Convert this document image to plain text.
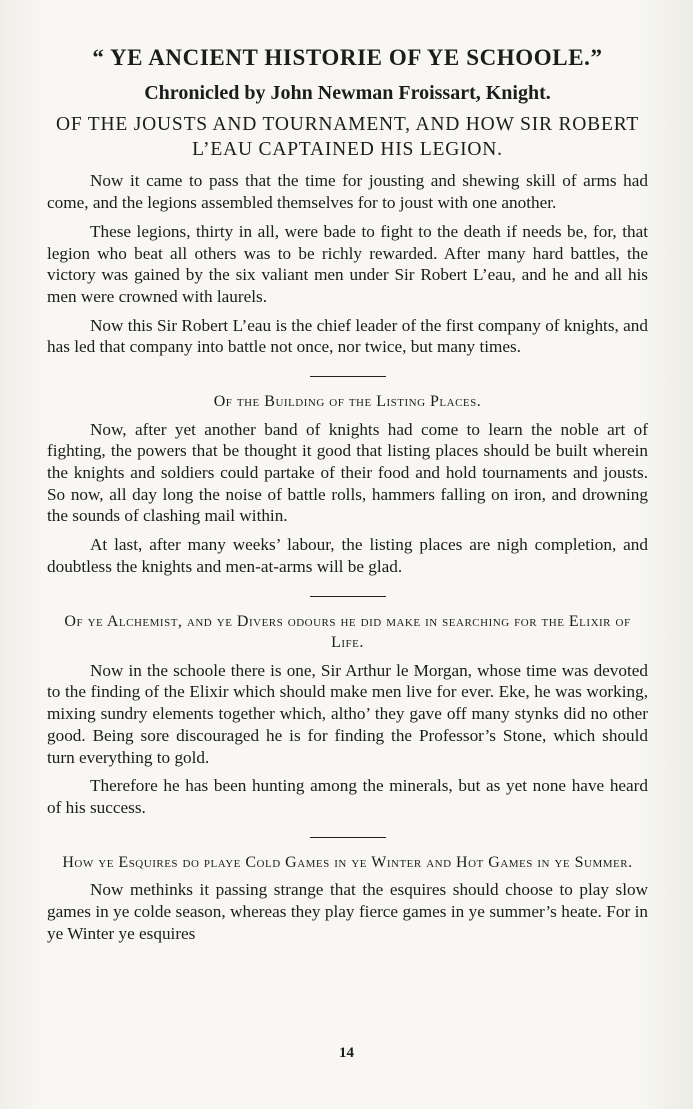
“ YE ANCIENT HISTORIE OF YE SCHOOLE.”
Chronicled by John Newman Froissart, Knight.
OF THE JOUSTS AND TOURNAMENT, AND HOW SIR ROBERT L’EAU CAPTAINED HIS LEGION.

Now it came to pass that the time for jousting and shewing skill of arms had come, and the legions assembled themselves for to joust with one another.

These legions, thirty in all, were bade to fight to the death if needs be, for, that legion who beat all others was to be richly rewarded. After many hard battles, the victory was gained by the six valiant men under Sir Robert L’eau, and he and all his men were crowned with laurels.

Now this Sir Robert L’eau is the chief leader of the first company of knights, and has led that company into battle not once, nor twice, but many times.

Of the Building of the Listing Places.

Now, after yet another band of knights had come to learn the noble art of fighting, the powers that be thought it good that listing places should be built wherein the knights and soldiers could partake of their food and hold tournaments and jousts. So now, all day long the noise of battle rolls, hammers falling on iron, and drowning the sounds of clashing mail within.

At last, after many weeks’ labour, the listing places are nigh completion, and doubtless the knights and men-at-arms will be glad.

Of ye Alchemist, and ye Divers odours he did make in searching for the Elixir of Life.

Now in the schoole there is one, Sir Arthur le Morgan, whose time was devoted to the finding of the Elixir which should make men live for ever. Eke, he was working, mixing sundry elements together which, altho’ they gave off many stynks did no other good. Being sore discouraged he is for finding the Professor’s Stone, which should turn everything to gold.

Therefore he has been hunting among the minerals, but as yet none have heard of his success.

How ye Esquires do playe Cold Games in ye Winter and Hot Games in ye Summer.

Now methinks it passing strange that the esquires should choose to play slow games in ye colde season, whereas they play fierce games in ye summer’s heate. For in ye Winter ye esquires

14
